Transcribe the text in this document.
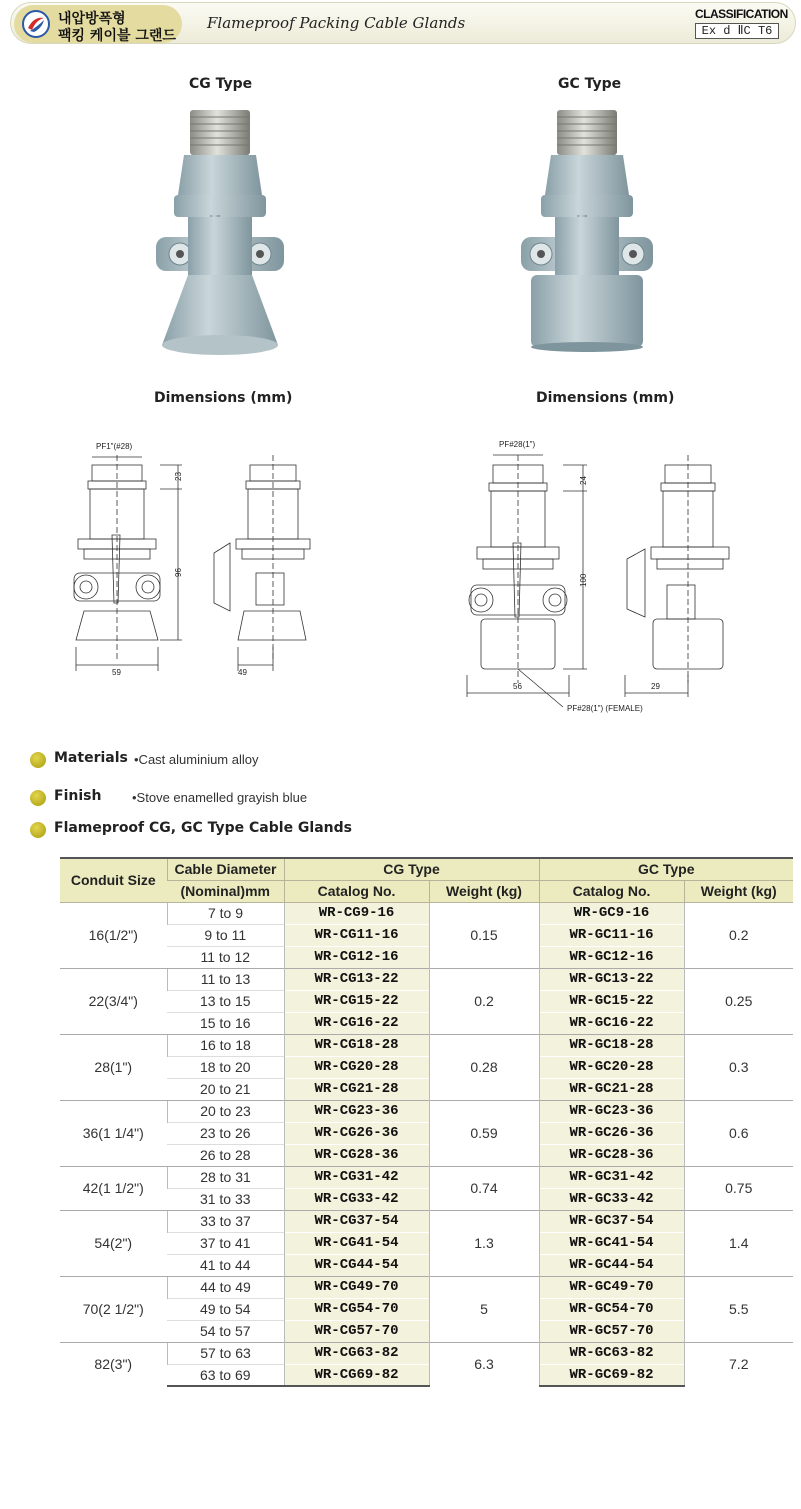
내압방폭형
팩킹 케이블 그랜드
Flameproof Packing Cable Glands	CLASSIFICATION
Ex d ⅡC T6
CG Type	GC Type
Dimensions (mm)	Dimensions (mm)
PF1"(#28)
23
96
59	49
PF#28(1")
24
100
56	29
PF#28(1") (FEMALE)
Materials •Cast aluminium alloy
Finish •Stove enamelled grayish blue
Flameproof CG, GC Type Cable Glands
Conduit Size	Cable Diameter	CG Type		GC Type	
	(Nominal)mm	Catalog No.	Weight (kg)	Catalog No.	Weight (kg)
16(1/2")	7 to 9	WR-CG9-16	0.15	WR-GC9-16	0.2
	9 to 11	WR-CG11-16		WR-GC11-16	
	11 to 12	WR-CG12-16		WR-GC12-16	
22(3/4")	11 to 13	WR-CG13-22	0.2	WR-GC13-22	0.25
	13 to 15	WR-CG15-22		WR-GC15-22	
	15 to 16	WR-CG16-22		WR-GC16-22	
28(1")	16 to 18	WR-CG18-28	0.28	WR-GC18-28	0.3
	18 to 20	WR-CG20-28		WR-GC20-28	
	20 to 21	WR-CG21-28		WR-GC21-28	
36(1 1/4")	20 to 23	WR-CG23-36	0.59	WR-GC23-36	0.6
	23 to 26	WR-CG26-36		WR-GC26-36	
	26 to 28	WR-CG28-36		WR-GC28-36	
42(1 1/2")	28 to 31	WR-CG31-42	0.74	WR-GC31-42	0.75
	31 to 33	WR-CG33-42		WR-GC33-42	
54(2")	33 to 37	WR-CG37-54	1.3	WR-GC37-54	1.4
	37 to 41	WR-CG41-54		WR-GC41-54	
	41 to 44	WR-CG44-54		WR-GC44-54	
70(2 1/2")	44 to 49	WR-CG49-70	5	WR-GC49-70	5.5
	49 to 54	WR-CG54-70		WR-GC54-70	
	54 to 57	WR-CG57-70		WR-GC57-70	
82(3")	57 to 63	WR-CG63-82	6.3	WR-GC63-82	7.2
	63 to 69	WR-CG69-82		WR-GC69-82	
